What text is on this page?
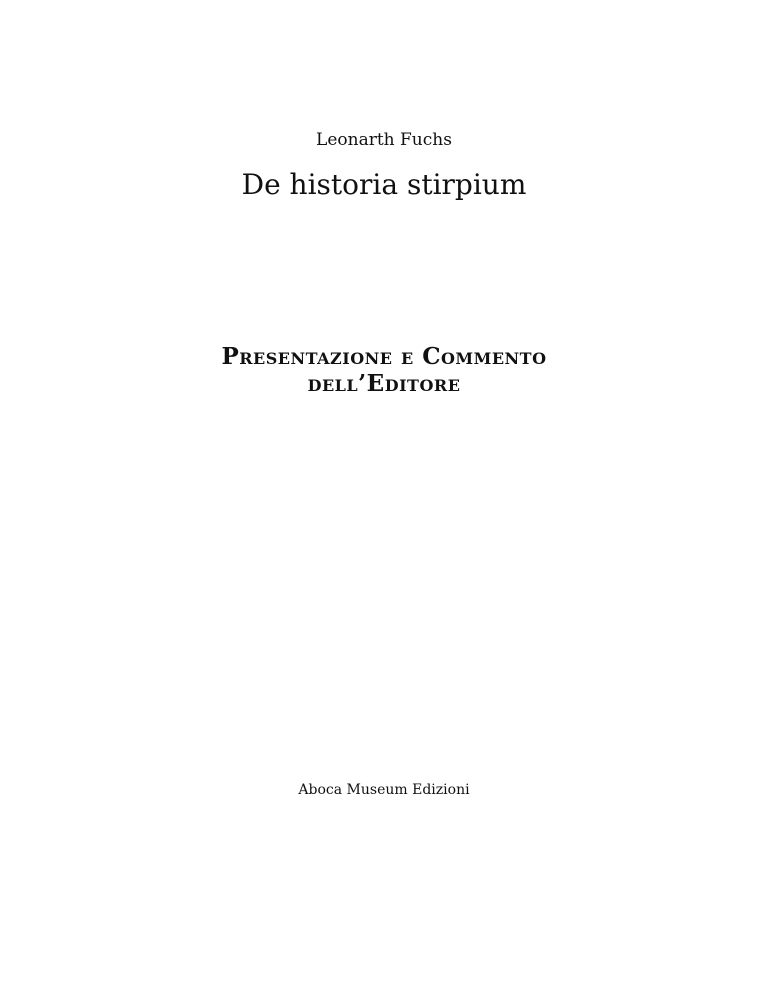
Leonarth Fuchs
De historia stirpium
Presentazione e Commento
dell’Editore
Aboca Museum Edizioni
